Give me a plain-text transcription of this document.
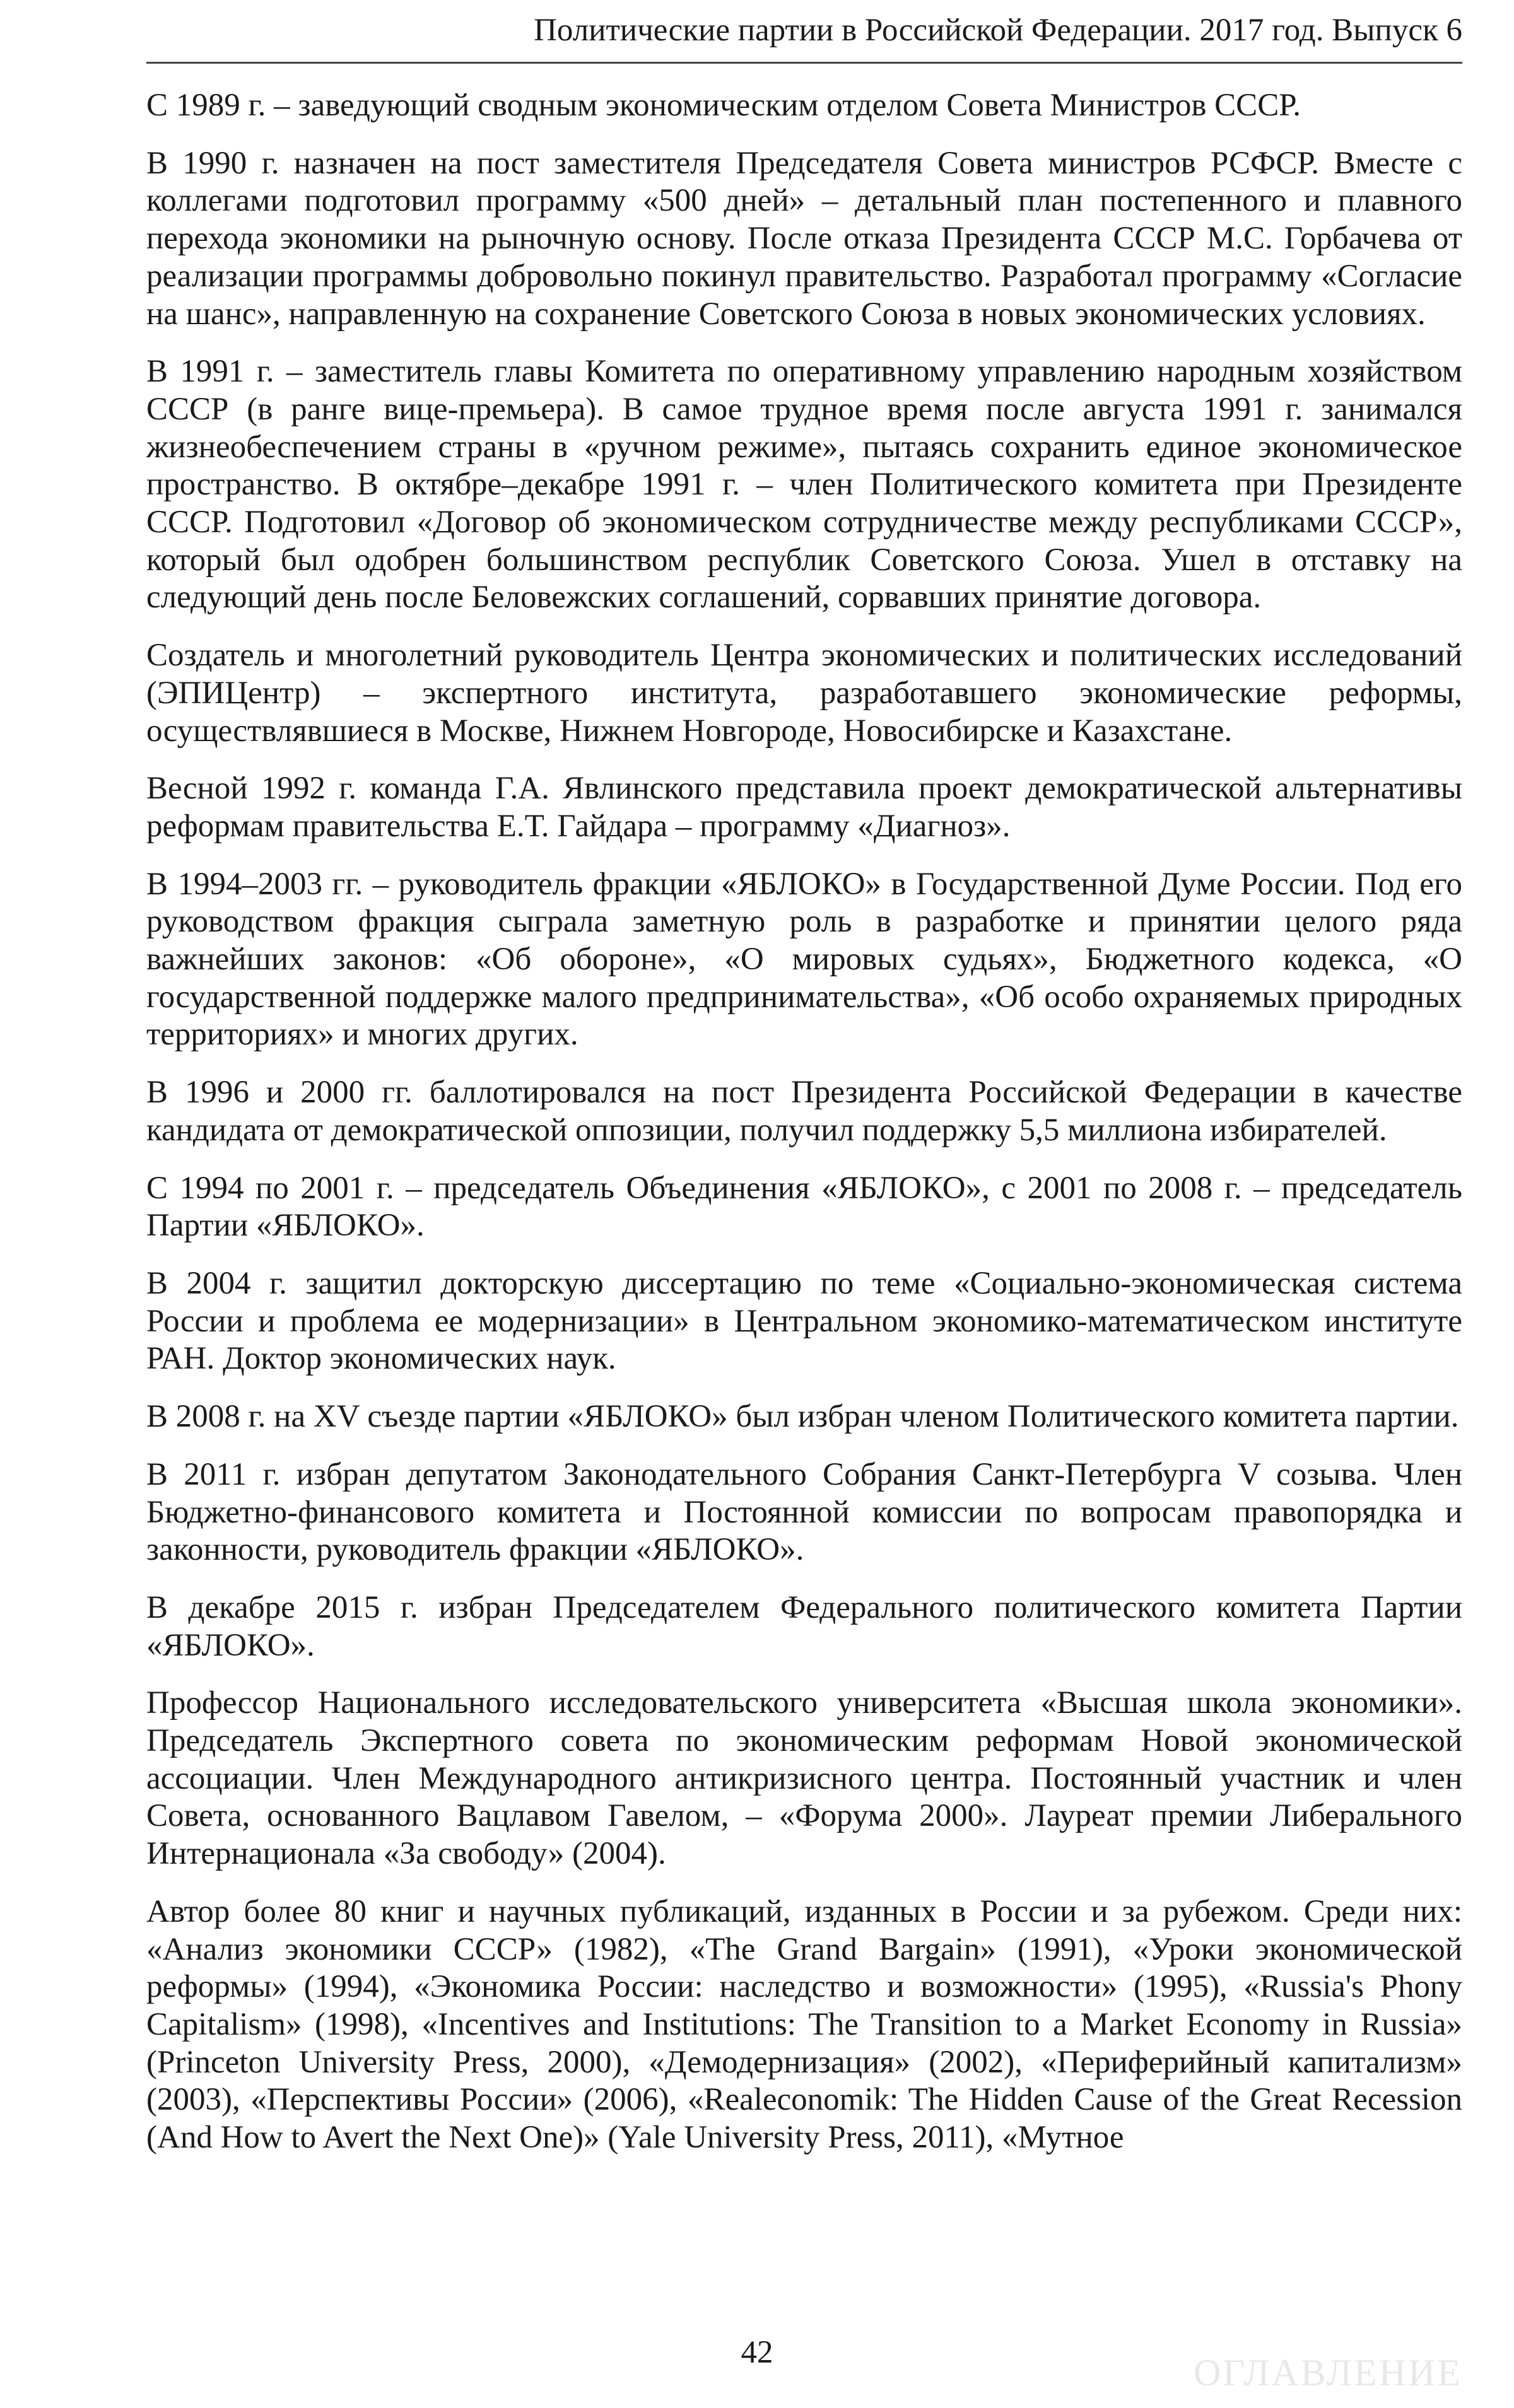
Политические партии в Российской Федерации. 2017 год. Выпуск 6

С 1989 г. – заведующий сводным экономическим отделом Совета Министров СССР.

В 1990 г. назначен на пост заместителя Председателя Совета министров РСФСР. Вместе с коллегами подготовил программу «500 дней» – детальный план постепенного и плавного перехода экономики на рыночную основу. После отказа Президента СССР М.С. Горбачева от реализации программы добровольно покинул правительство. Разработал программу «Согласие на шанс», направленную на сохранение Советского Союза в новых экономических условиях.

В 1991 г. – заместитель главы Комитета по оперативному управлению народным хозяйством СССР (в ранге вице-премьера). В самое трудное время после августа 1991 г. занимался жизнеобеспечением страны в «ручном режиме», пытаясь сохранить единое экономическое пространство. В октябре–декабре 1991 г. – член Политического комитета при Президенте СССР. Подготовил «Договор об экономическом сотрудничестве между республиками СССР», который был одобрен большинством республик Советского Союза. Ушел в отставку на следующий день после Беловежских соглашений, сорвавших принятие договора.

Создатель и многолетний руководитель Центра экономических и политических исследований (ЭПИЦентр) – экспертного института, разработавшего экономические реформы, осуществлявшиеся в Москве, Нижнем Новгороде, Новосибирске и Казахстане.

Весной 1992 г. команда Г.А. Явлинского представила проект демократической альтернативы реформам правительства Е.Т. Гайдара – программу «Диагноз».

В 1994–2003 гг. – руководитель фракции «ЯБЛОКО» в Государственной Думе России. Под его руководством фракция сыграла заметную роль в разработке и принятии целого ряда важнейших законов: «Об обороне», «О мировых судьях», Бюджетного кодекса, «О государственной поддержке малого предпринимательства», «Об особо охраняемых природных территориях» и многих других.

В 1996 и 2000 гг. баллотировался на пост Президента Российской Федерации в качестве кандидата от демократической оппозиции, получил поддержку 5,5 миллиона избирателей.

С 1994 по 2001 г. – председатель Объединения «ЯБЛОКО», с 2001 по 2008 г. – председатель Партии «ЯБЛОКО».

В 2004 г. защитил докторскую диссертацию по теме «Социально-экономическая система России и проблема ее модернизации» в Центральном экономико-математическом институте РАН. Доктор экономических наук.

В 2008 г. на XV съезде партии «ЯБЛОКО» был избран членом Политического комитета партии.

В 2011 г. избран депутатом Законодательного Собрания Санкт-Петербурга V созыва. Член Бюджетно-финансового комитета и Постоянной комиссии по вопросам правопорядка и законности, руководитель фракции «ЯБЛОКО».

В декабре 2015 г. избран Председателем Федерального политического комитета Партии «ЯБЛОКО».

Профессор Национального исследовательского университета «Высшая школа экономики». Председатель Экспертного совета по экономическим реформам Новой экономической ассоциации. Член Международного антикризисного центра. Постоянный участник и член Совета, основанного Вацлавом Гавелом, – «Форума 2000». Лауреат премии Либерального Интернационала «За свободу» (2004).

Автор более 80 книг и научных публикаций, изданных в России и за рубежом. Среди них: «Анализ экономики СССР» (1982), «The Grand Bargain» (1991), «Уроки экономической реформы» (1994), «Экономика России: наследство и возможности» (1995), «Russia's Phony Capitalism» (1998), «Incentives and Institutions: The Transition to a Market Economy in Russia» (Princeton University Press, 2000), «Демодернизация» (2002), «Периферийный капитализм» (2003), «Перспективы России» (2006), «Realeconomik: The Hidden Cause of the Great Recession (And How to Avert the Next One)» (Yale University Press, 2011), «Мутное

42	ОГЛАВЛЕНИЕ
